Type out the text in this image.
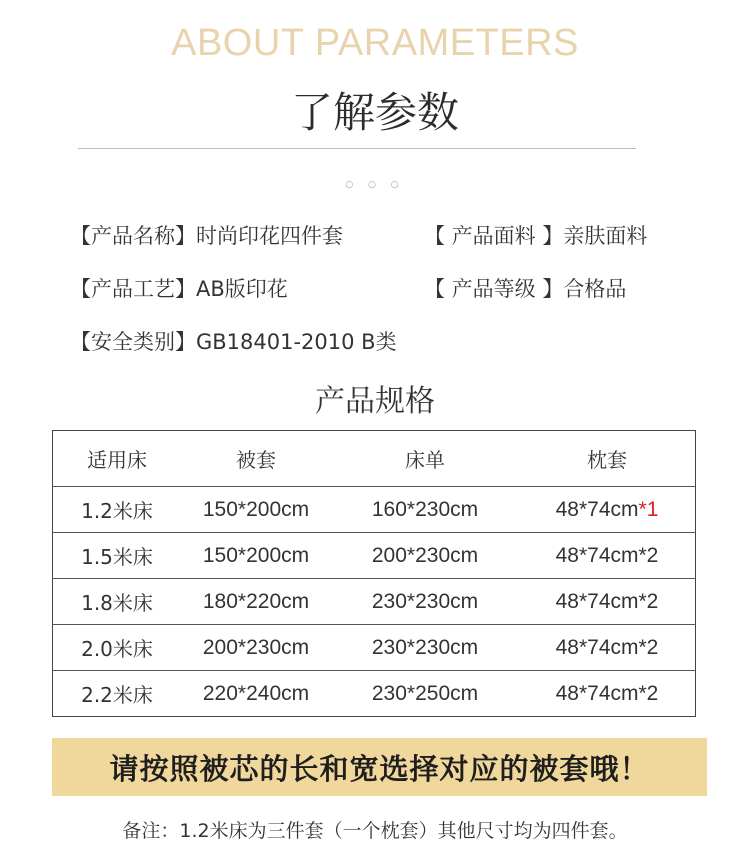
ABOUT PARAMETERS
了解参数
○ ○ ○
【产品名称】时尚印花四件套	【 产品面料 】亲肤面料
【产品工艺】AB版印花	【 产品等级 】合格品
【安全类别】GB18401-2010 B类
产品规格
适用床	被套	床单	枕套
1.2米床	150*200cm	160*230cm	48*74cm*1
1.5米床	150*200cm	200*230cm	48*74cm*2
1.8米床	180*220cm	230*230cm	48*74cm*2
2.0米床	200*230cm	230*230cm	48*74cm*2
2.2米床	220*240cm	230*250cm	48*74cm*2
请按照被芯的长和宽选择对应的被套哦！
备注：1.2米床为三件套（一个枕套）其他尺寸均为四件套。
